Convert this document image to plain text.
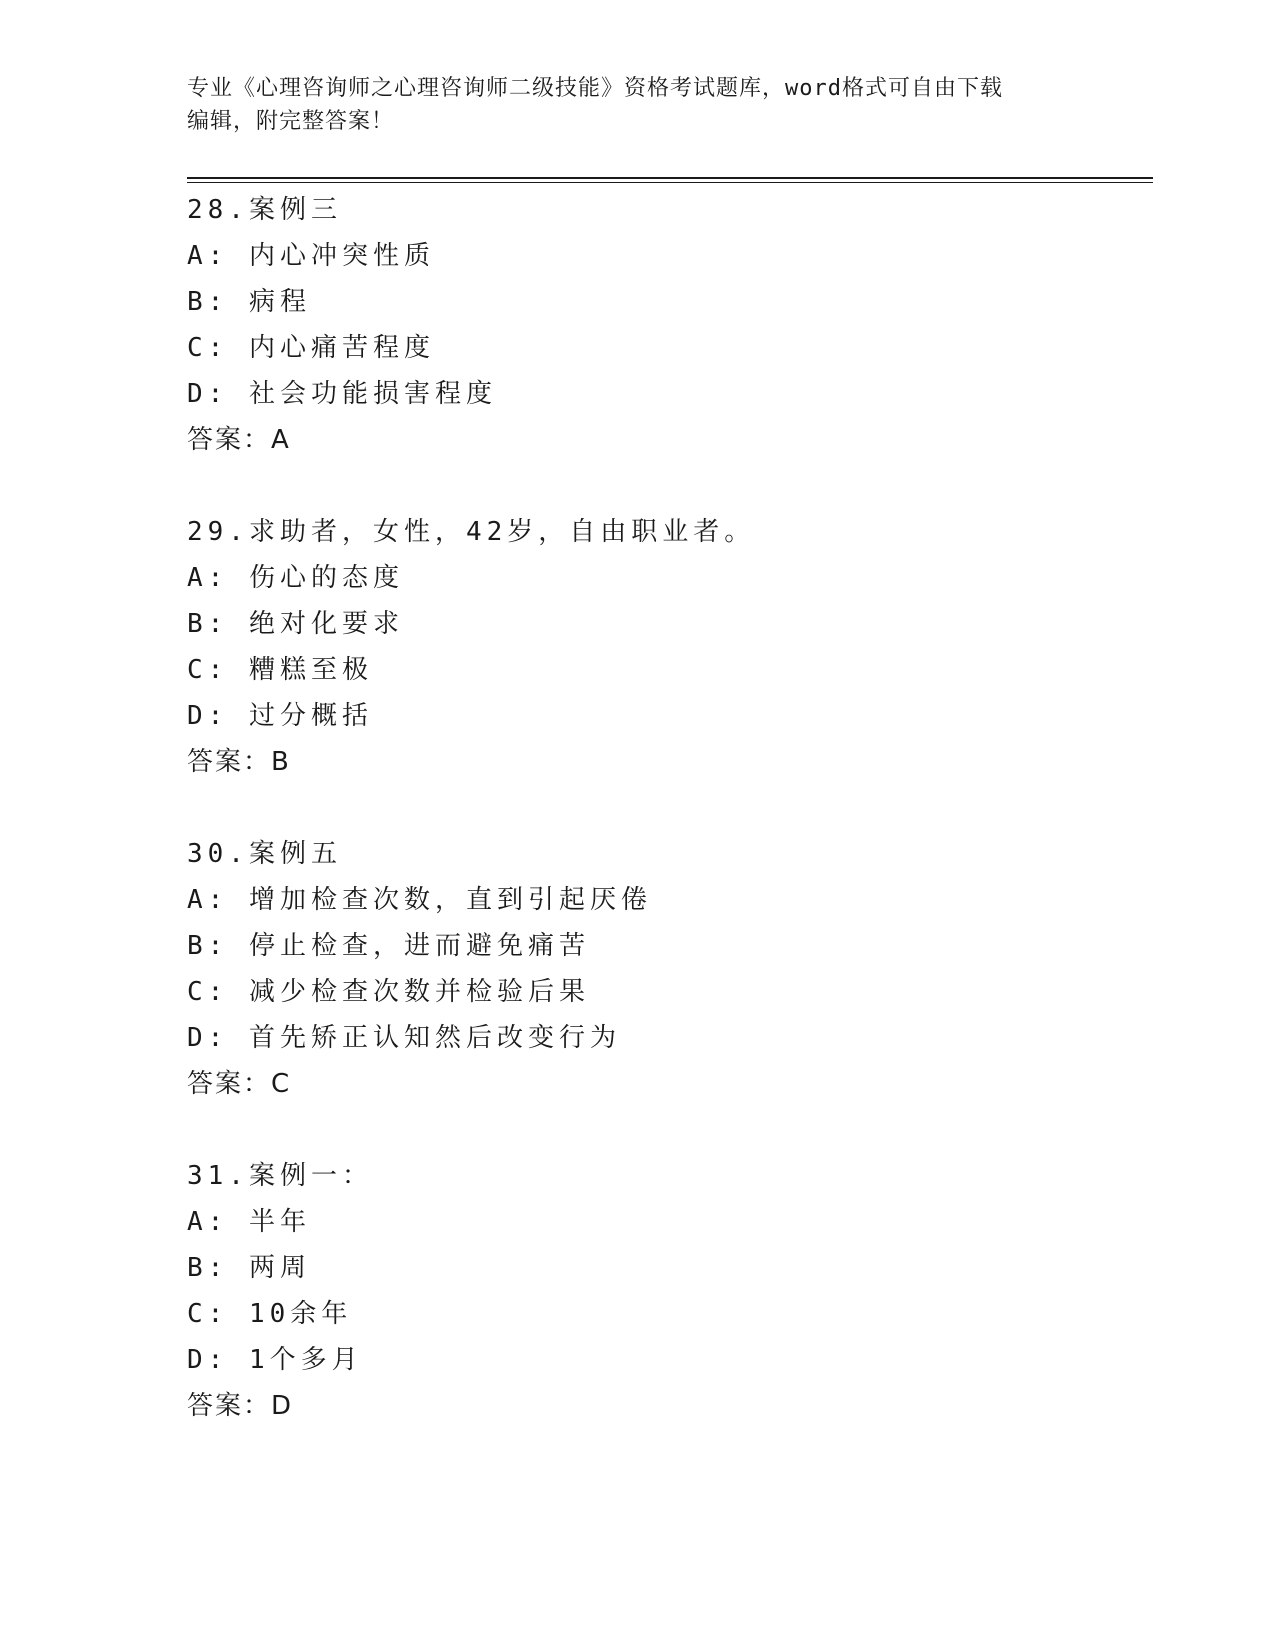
专业《心理咨询师之心理咨询师二级技能》资格考试题库，word格式可自由下载

编辑，附完整答案！

28.案例三
A: 内心冲突性质
B: 病程
C: 内心痛苦程度
D: 社会功能损害程度
答案：A
29.求助者，女性，42岁，自由职业者。
A: 伤心的态度
B: 绝对化要求
C: 糟糕至极
D: 过分概括
答案：B
30.案例五
A: 增加检查次数，直到引起厌倦
B: 停止检查，进而避免痛苦
C: 减少检查次数并检验后果
D: 首先矫正认知然后改变行为
答案：C
31.案例一：
A: 半年
B: 两周
C: 10余年
D: 1个多月
答案：D
